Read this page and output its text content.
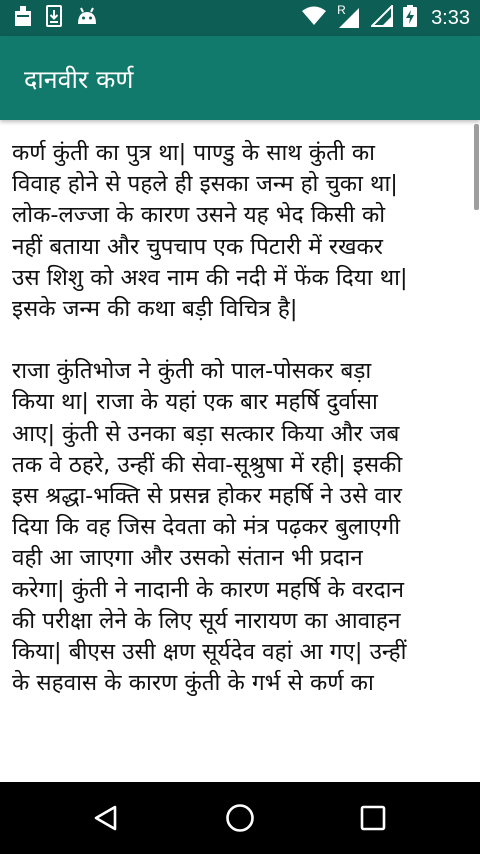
R	3:33
दानवीर कर्ण

कर्ण कुंती का पुत्र था| पाण्डु के साथ कुंती का
विवाह होने से पहले ही इसका जन्म हो चुका था|
लोक-लज्जा के कारण उसने यह भेद किसी को
नहीं बताया और चुपचाप एक पिटारी में रखकर
उस शिशु को अश्व नाम की नदी में फेंक दिया था|
इसके जन्म की कथा बड़ी विचित्र है|

राजा कुंतिभोज ने कुंती को पाल-पोसकर बड़ा
किया था| राजा के यहां एक बार महर्षि दुर्वासा
आए| कुंती से उनका बड़ा सत्कार किया और जब
तक वे ठहरे, उन्हीं की सेवा-सूश्रुषा में रही| इसकी
इस श्रद्धा-भक्ति से प्रसन्न होकर महर्षि ने उसे वार
दिया कि वह जिस देवता को मंत्र पढ़कर बुलाएगी
वही आ जाएगा और उसको संतान भी प्रदान
करेगा| कुंती ने नादानी के कारण महर्षि के वरदान
की परीक्षा लेने के लिए सूर्य नारायण का आवाहन
किया| बीएस उसी क्षण सूर्यदेव वहां आ गए| उन्हीं
के सहवास के कारण कुंती के गर्भ से कर्ण का
